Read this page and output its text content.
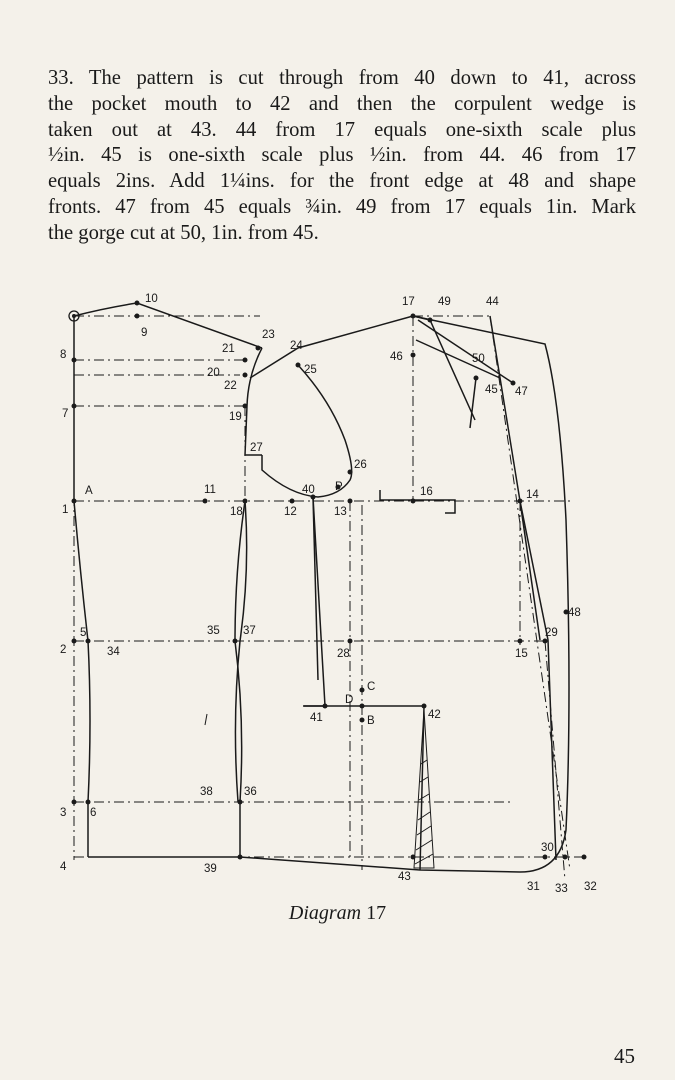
33. The pattern is cut through from 40 down to 41, across
the pocket mouth to 42 and then the corpulent wedge is
taken out at 43. 44 from 17 equals one-sixth scale plus
½in. 45 is one-sixth scale plus ½in. from 44. 46 from 17
equals 2ins. Add 1¼ins. for the front edge at 48 and shape
fronts. 47 from 45 equals ¾in. 49 from 17 equals 1in. Mark
the gorge cut at 50, 1in. from 45.

10
9
8
7
1
A
2
5
34
3 6
4	39
11
18
19
21
20
22
23
24
25
27
35 37
38	36
12
40 P
13
26
28
41
D
C
B	42
43
17 49	44
46	50
45 47
16	14
48
29
15
30
31 33 32
Diagram 17
45
